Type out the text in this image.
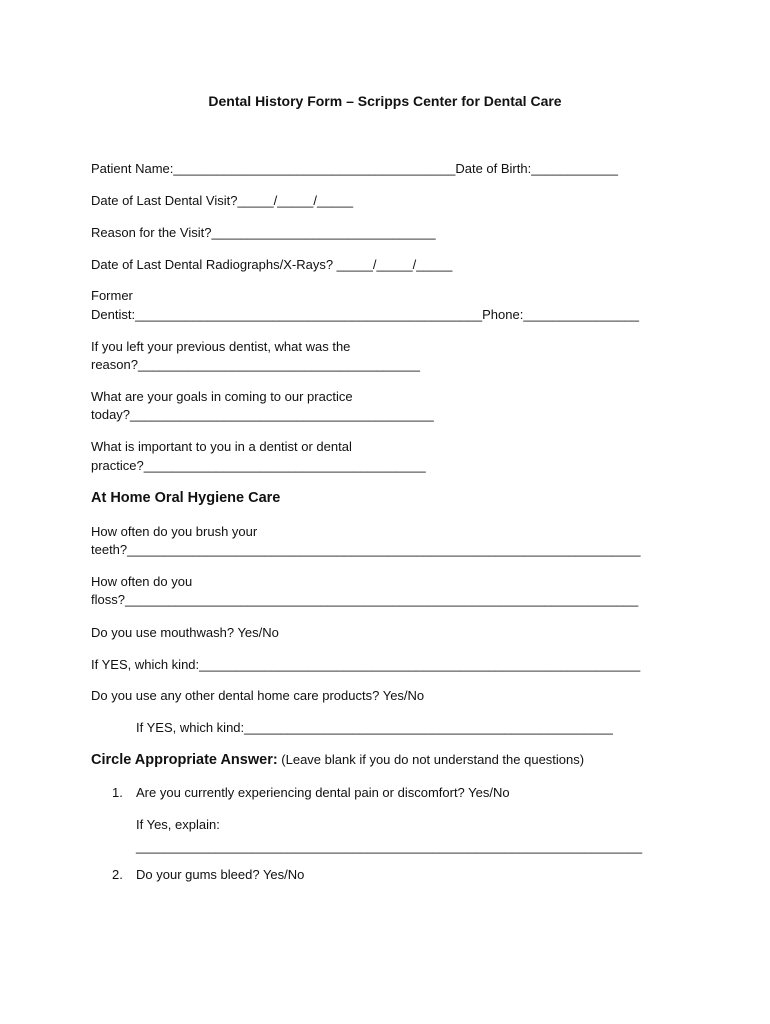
Dental History Form – Scripps Center for Dental Care
Patient Name:_______________________________________Date of Birth:____________
Date of Last Dental Visit?_____/_____/_____
Reason for the Visit?_______________________________
Date of Last Dental Radiographs/X-Rays? _____/_____/_____
Former
Dentist:________________________________________________Phone:________________
If you left your previous dentist, what was the
reason?_______________________________________
What are your goals in coming to our practice
today?__________________________________________
What is important to you in a dentist or dental
practice?_______________________________________
At Home Oral Hygiene Care
How often do you brush your
teeth?_______________________________________________________________________
How often do you
floss?_______________________________________________________________________
Do you use mouthwash? Yes/No
If YES, which kind:_____________________________________________________________
Do you use any other dental home care products? Yes/No
If YES, which kind:___________________________________________________
Circle Appropriate Answer: (Leave blank if you do not understand the questions)
1. Are you currently experiencing dental pain or discomfort? Yes/No
If Yes, explain:
______________________________________________________________________
2. Do your gums bleed? Yes/No
